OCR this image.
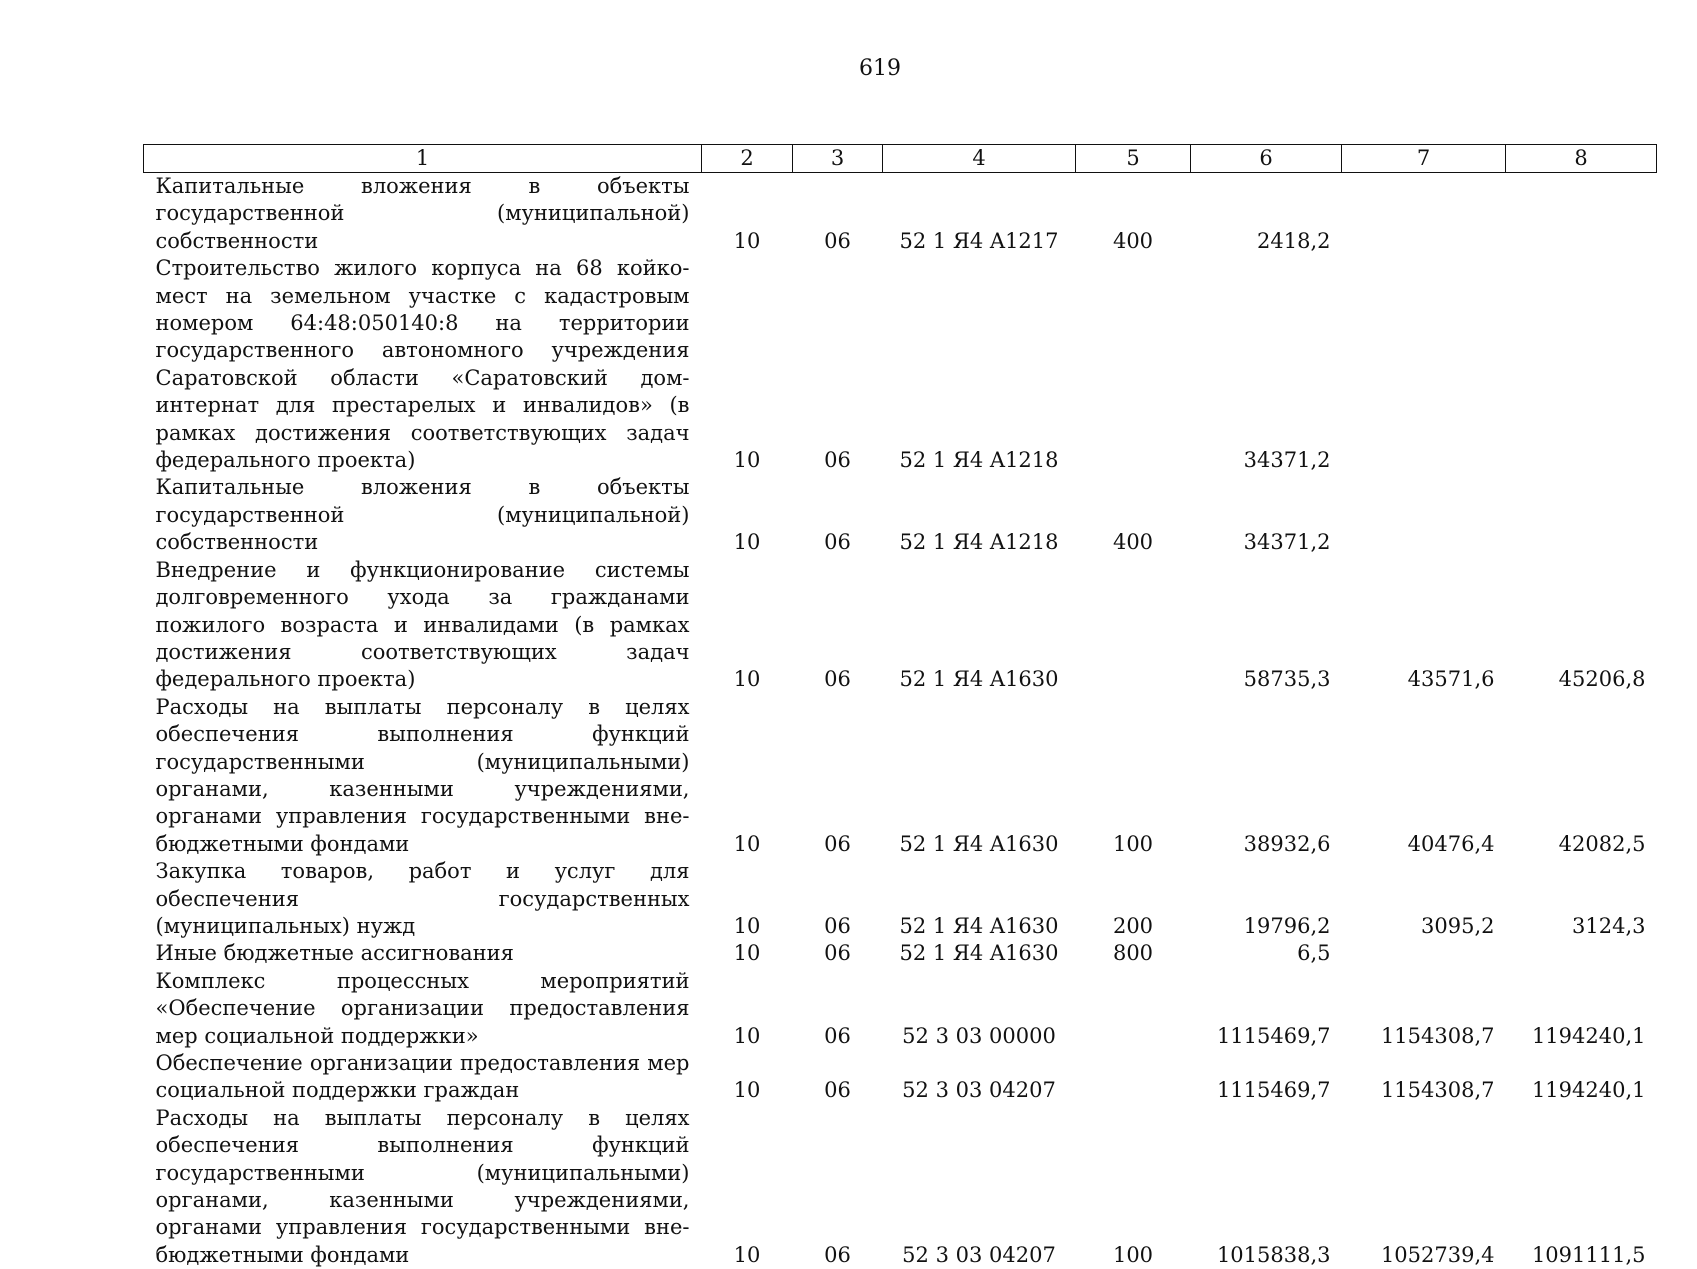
619
1	2	3	4	5	6	7	8
Капитальные вложения в объекты государственной (муниципальной) собственности	10	06	52 1 Я4 A1217	400	2418,2		
Строительство жилого корпуса на 68 койко-мест на земельном участке с кадастровым номером 64:48:050140:8 на территории государственного автономного учреждения Саратовской области «Саратовский дом-интернат для престарелых и инвалидов» (в рамках достижения соответствующих задач федерального проекта)	10	06	52 1 Я4 A1218		34371,2		
Капитальные вложения в объекты государственной (муниципальной) собственности	10	06	52 1 Я4 A1218	400	34371,2		
Внедрение и функционирование системы долговременного ухода за гражданами пожилого возраста и инвалидами (в рамках достижения соответствующих задач федерального проекта)	10	06	52 1 Я4 A1630		58735,3	43571,6	45206,8
Расходы на выплаты персоналу в целях обеспечения выполнения функций государственными (муниципальными) органами, казенными учреждениями, органами управления государственными внебюджетными фондами	10	06	52 1 Я4 A1630	100	38932,6	40476,4	42082,5
Закупка товаров, работ и услуг для обеспечения государственных (муниципальных) нужд	10	06	52 1 Я4 A1630	200	19796,2	3095,2	3124,3
Иные бюджетные ассигнования	10	06	52 1 Я4 A1630	800	6,5		
Комплекс процессных мероприятий «Обеспечение организации предоставления мер социальной поддержки»	10	06	52 3 03 00000		1115469,7	1154308,7	1194240,1
Обеспечение организации предоставления мер социальной поддержки граждан	10	06	52 3 03 04207		1115469,7	1154308,7	1194240,1
Расходы на выплаты персоналу в целях обеспечения выполнения функций государственными (муниципальными) органами, казенными учреждениями, органами управления государственными внебюджетными фондами	10	06	52 3 03 04207	100	1015838,3	1052739,4	1091111,5
